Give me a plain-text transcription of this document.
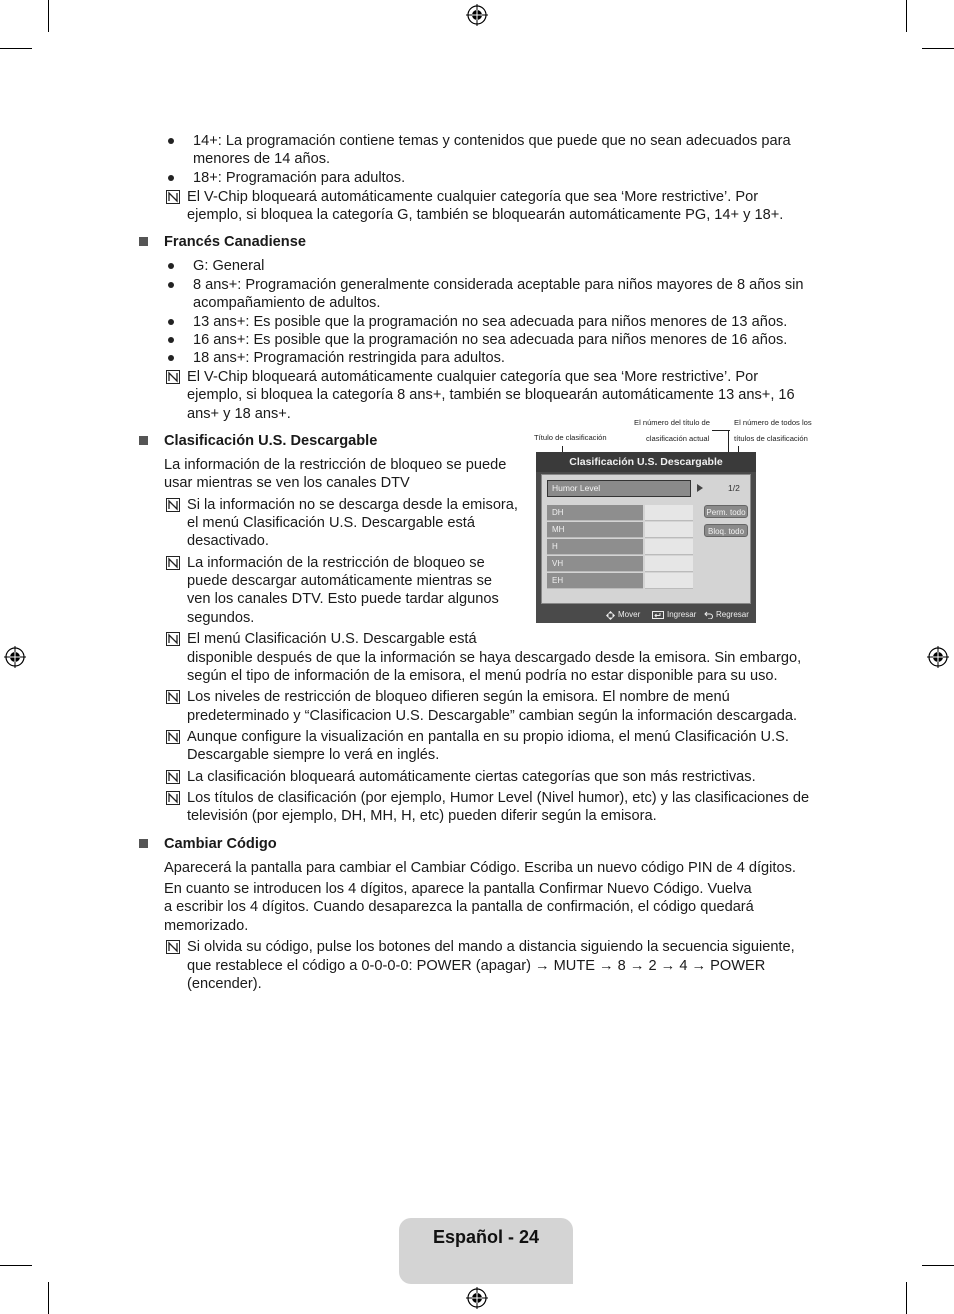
14+: La programación contiene temas y contenidos que puede que no sean adecuados para
menores de 14 años.
18+: Programación para adultos.
El V-Chip bloqueará automáticamente cualquier categoría que sea ‘More restrictive’. Por
ejemplo, si bloquea la categoría G, también se bloquearán automáticamente PG, 14+ y 18+.
Francés Canadiense
G: General
8 ans+: Programación generalmente considerada aceptable para niños mayores de 8 años sin
acompañamiento de adultos.
13 ans+: Es posible que la programación no sea adecuada para niños menores de 13 años.
16 ans+: Es posible que la programación no sea adecuada para niños menores de 16 años.
18 ans+: Programación restringida para adultos.
El V-Chip bloqueará automáticamente cualquier categoría que sea ‘More restrictive’. Por
ejemplo, si bloquea la categoría 8 ans+, también se bloquearán automáticamente 13 ans+, 16
ans+ y 18 ans+.
Clasificación U.S. Descargable
La información de la restricción de bloqueo se puede
usar mientras se ven los canales DTV
Si la información no se descarga desde la emisora,
el menú Clasificación U.S. Descargable está
desactivado.
La información de la restricción de bloqueo se
puede descargar automáticamente mientras se
ven los canales DTV. Esto puede tardar algunos
segundos.
El menú Clasificación U.S. Descargable está
disponible después de que la información se haya descargado desde la emisora. Sin embargo,
según el tipo de información de la emisora, el menú podría no estar disponible para su uso.
Los niveles de restricción de bloqueo difieren según la emisora. El nombre de menú
predeterminado y “Clasificacion U.S. Descargable” cambian según la información descargada.
Aunque configure la visualización en pantalla en su propio idioma, el menú Clasificación U.S.
Descargable siempre lo verá en inglés.
La clasificación bloqueará automáticamente ciertas categorías que son más restrictivas.
Los títulos de clasificación (por ejemplo, Humor Level (Nivel humor), etc) y las clasificaciones de
televisión (por ejemplo, DH, MH, H, etc) pueden diferir según la emisora.
Título de clasificación
El número del título de
clasificación actual
El número de todos los
títulos de clasificación
Clasificación U.S. Descargable
Humor Level	1/2
DH
MH
H
VH
EH
Perm. todo
Bloq. todo
Mover	Ingresar Regresar
Cambiar Código
Aparecerá la pantalla para cambiar el Cambiar Código. Escriba un nuevo código PIN de 4 dígitos.
En cuanto se introducen los 4 dígitos, aparece la pantalla Confirmar Nuevo Código. Vuelva
a escribir los 4 dígitos. Cuando desaparezca la pantalla de confirmación, el código quedará
memorizado.
Si olvida su código, pulse los botones del mando a distancia siguiendo la secuencia siguiente,
que restablece el código a 0-0-0-0: POWER (apagar) → MUTE → 8 → 2 → 4 → POWER
(encender).
Español - 24
